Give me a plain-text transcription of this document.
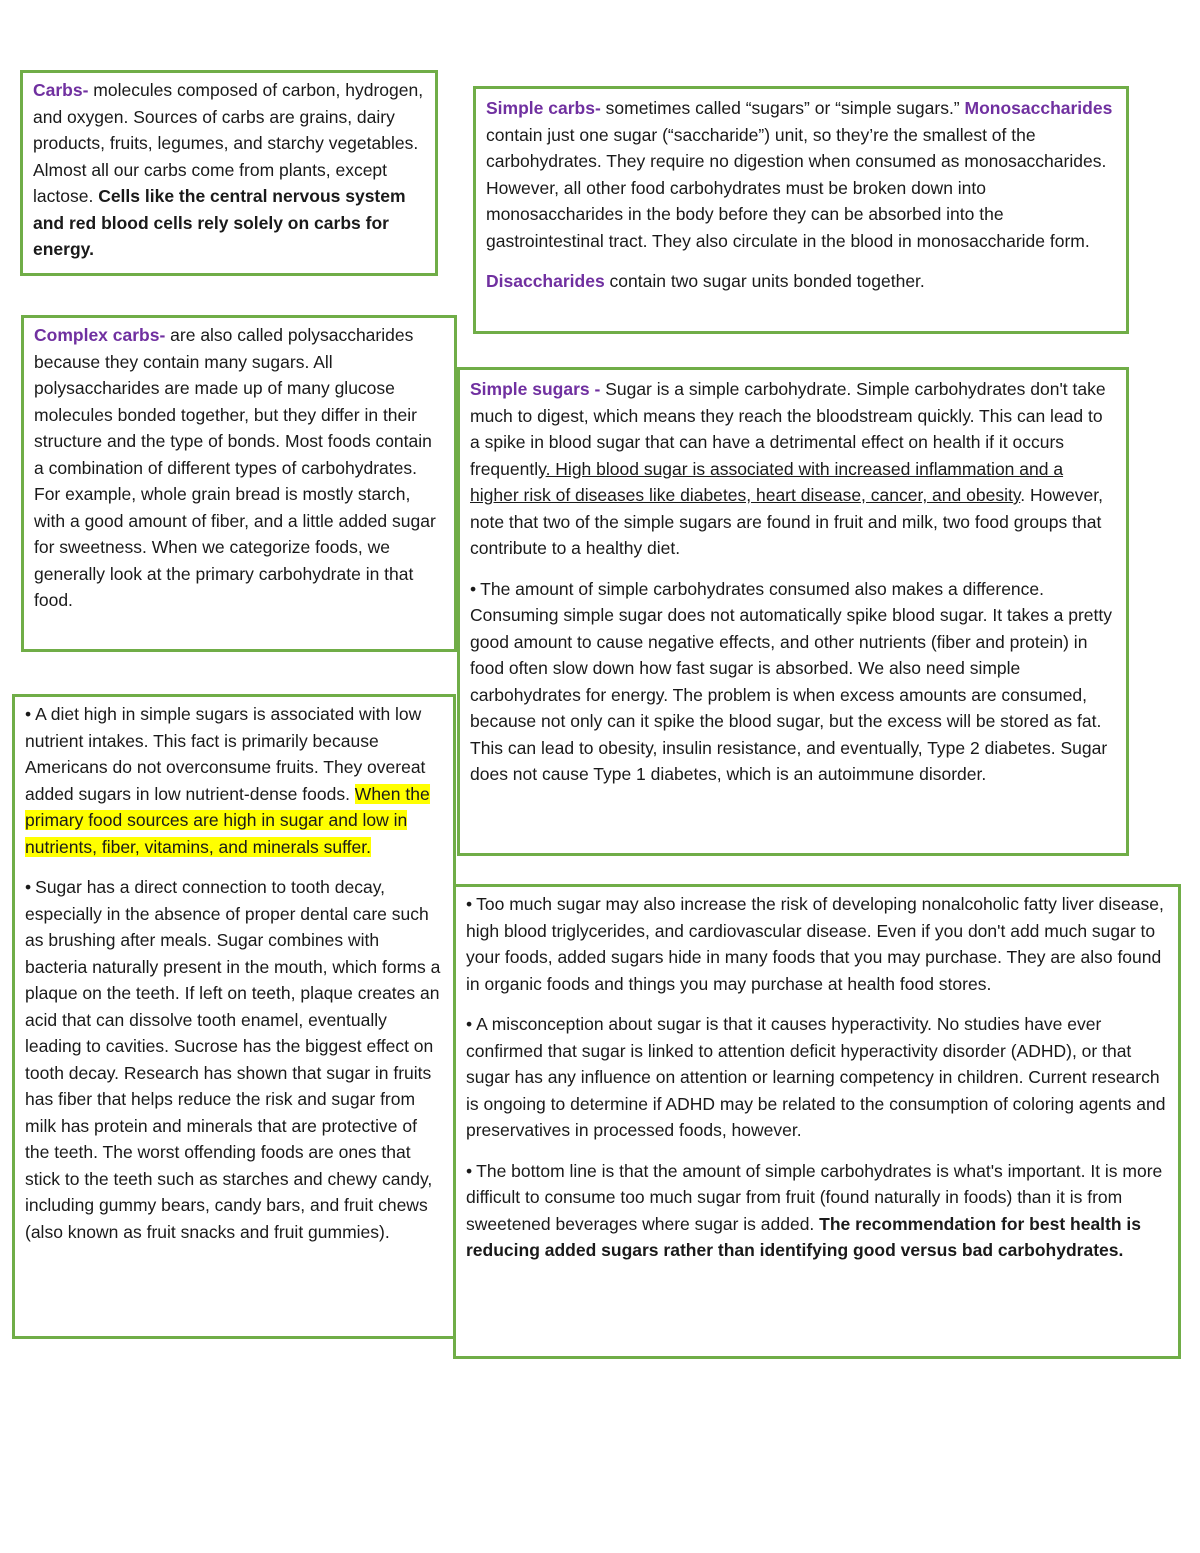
Carbs- molecules composed of carbon, hydrogen, and oxygen. Sources of carbs are grains, dairy products, fruits, legumes, and starchy vegetables. Almost all our carbs come from plants, except lactose. Cells like the central nervous system and red blood cells rely solely on carbs for energy.

Simple carbs- sometimes called “sugars” or “simple sugars.” Monosaccharides contain just one sugar (“saccharide”) unit, so they’re the smallest of the carbohydrates. They require no digestion when consumed as monosaccharides. However, all other food carbohydrates must be broken down into monosaccharides in the body before they can be absorbed into the gastrointestinal tract. They also circulate in the blood in monosaccharide form.

Disaccharides contain two sugar units bonded together.

Complex carbs- are also called polysaccharides because they contain many sugars. All polysaccharides are made up of many glucose molecules bonded together, but they differ in their structure and the type of bonds. Most foods contain a combination of different types of carbohydrates. For example, whole grain bread is mostly starch, with a good amount of fiber, and a little added sugar for sweetness. When we categorize foods, we generally look at the primary carbohydrate in that food.

Simple sugars - Sugar is a simple carbohydrate. Simple carbohydrates don't take much to digest, which means they reach the bloodstream quickly. This can lead to a spike in blood sugar that can have a detrimental effect on health if it occurs frequently. High blood sugar is associated with increased inflammation and a higher risk of diseases like diabetes, heart disease, cancer, and obesity. However, note that two of the simple sugars are found in fruit and milk, two food groups that contribute to a healthy diet.

• The amount of simple carbohydrates consumed also makes a difference. Consuming simple sugar does not automatically spike blood sugar. It takes a pretty good amount to cause negative effects, and other nutrients (fiber and protein) in food often slow down how fast sugar is absorbed. We also need simple carbohydrates for energy. The problem is when excess amounts are consumed, because not only can it spike the blood sugar, but the excess will be stored as fat. This can lead to obesity, insulin resistance, and eventually, Type 2 diabetes. Sugar does not cause Type 1 diabetes, which is an autoimmune disorder.

• A diet high in simple sugars is associated with low nutrient intakes. This fact is primarily because Americans do not overconsume fruits. They overeat added sugars in low nutrient-dense foods. When the primary food sources are high in sugar and low in nutrients, fiber, vitamins, and minerals suffer.

• Sugar has a direct connection to tooth decay, especially in the absence of proper dental care such as brushing after meals. Sugar combines with bacteria naturally present in the mouth, which forms a plaque on the teeth. If left on teeth, plaque creates an acid that can dissolve tooth enamel, eventually leading to cavities. Sucrose has the biggest effect on tooth decay. Research has shown that sugar in fruits has fiber that helps reduce the risk and sugar from milk has protein and minerals that are protective of the teeth. The worst offending foods are ones that stick to the teeth such as starches and chewy candy, including gummy bears, candy bars, and fruit chews (also known as fruit snacks and fruit gummies).

• Too much sugar may also increase the risk of developing nonalcoholic fatty liver disease, high blood triglycerides, and cardiovascular disease. Even if you don't add much sugar to your foods, added sugars hide in many foods that you may purchase. They are also found in organic foods and things you may purchase at health food stores.

• A misconception about sugar is that it causes hyperactivity. No studies have ever confirmed that sugar is linked to attention deficit hyperactivity disorder (ADHD), or that sugar has any influence on attention or learning competency in children. Current research is ongoing to determine if ADHD may be related to the consumption of coloring agents and preservatives in processed foods, however.

• The bottom line is that the amount of simple carbohydrates is what's important. It is more difficult to consume too much sugar from fruit (found naturally in foods) than it is from sweetened beverages where sugar is added. The recommendation for best health is reducing added sugars rather than identifying good versus bad carbohydrates.
